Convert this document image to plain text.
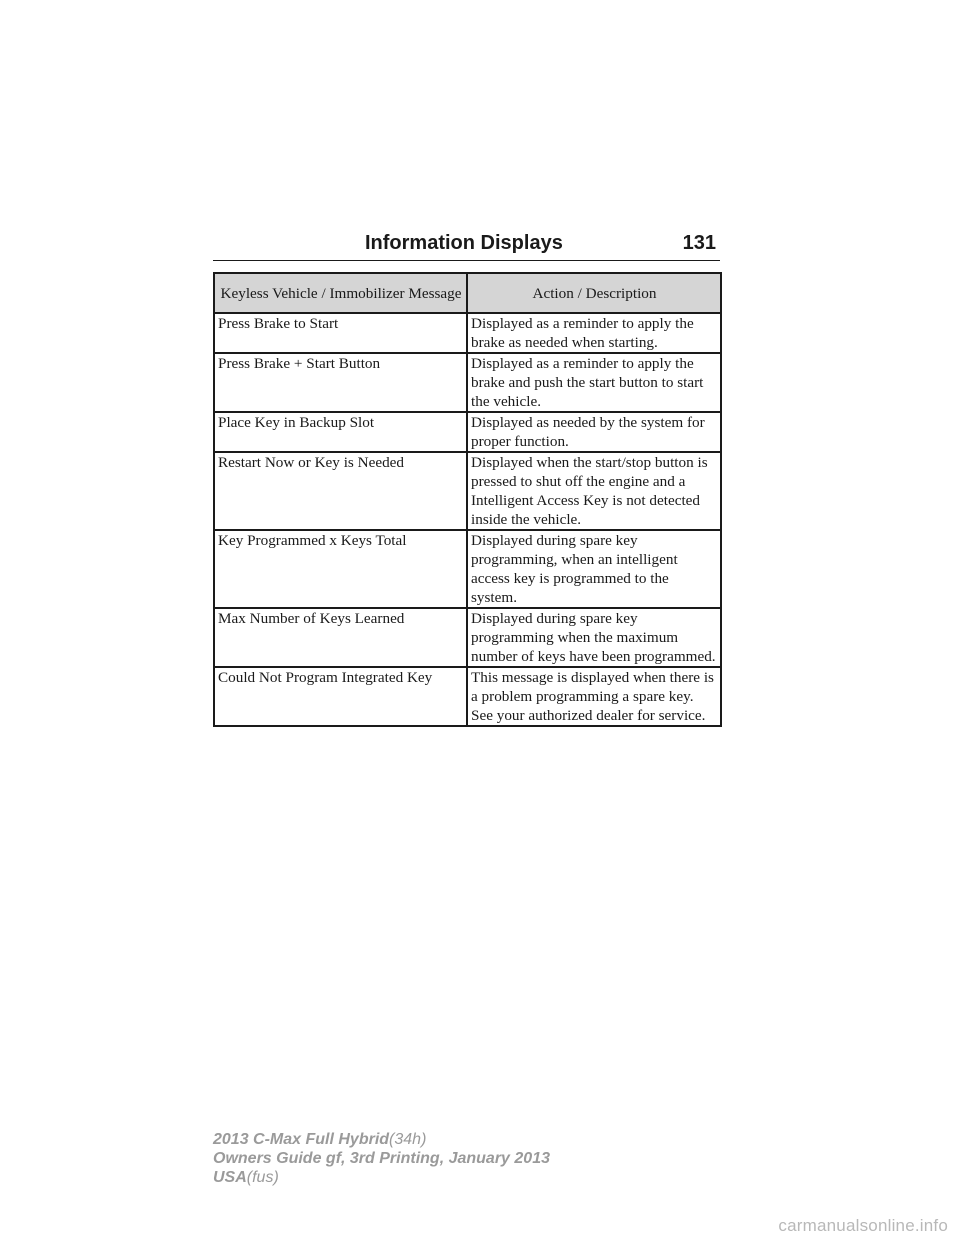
Information Displays	131
Keyless Vehicle / Immobilizer Message	Action / Description
Press Brake to Start	Displayed as a reminder to apply the brake as needed when starting.
Press Brake + Start Button	Displayed as a reminder to apply the brake and push the start button to start the vehicle.
Place Key in Backup Slot	Displayed as needed by the system for proper function.
Restart Now or Key is Needed	Displayed when the start/stop button is pressed to shut off the engine and a Intelligent Access Key is not detected inside the vehicle.
Key Programmed x Keys Total	Displayed during spare key programming, when an intelligent access key is programmed to the system.
Max Number of Keys Learned	Displayed during spare key programming when the maximum number of keys have been programmed.
Could Not Program Integrated Key	This message is displayed when there is a problem programming a spare key. See your authorized dealer for service.
2013 C-Max Full Hybrid(34h)
Owners Guide gf, 3rd Printing, January 2013
USA(fus)
carmanualsonline.info
